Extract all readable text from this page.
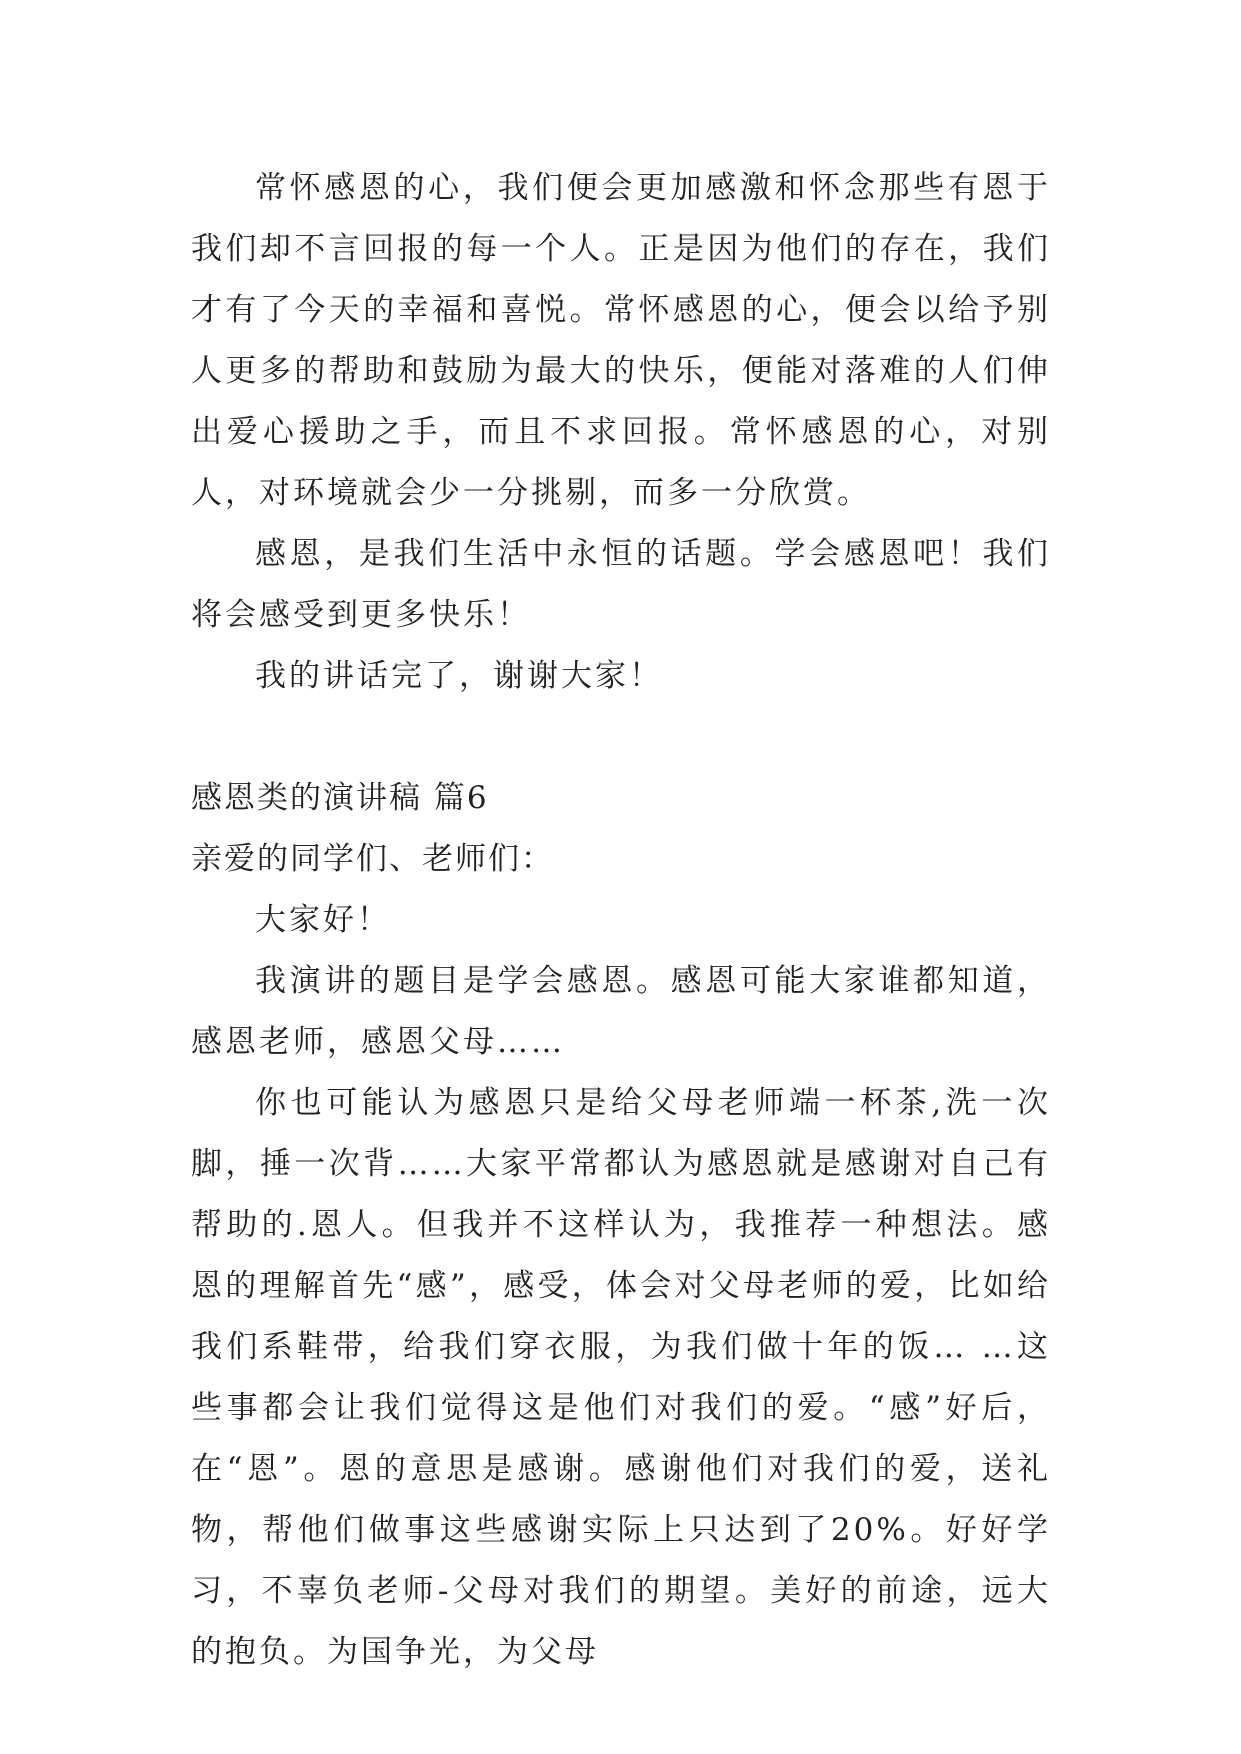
常怀感恩的心，我们便会更加感激和怀念那些有恩于我们却不言回报的每一个人。正是因为他们的存在，我们才有了今天的幸福和喜悦。常怀感恩的心，便会以给予别人更多的帮助和鼓励为最大的快乐，便能对落难的人们伸出爱心援助之手，而且不求回报。常怀感恩的心，对别人，对环境就会少一分挑剔，而多一分欣赏。

感恩，是我们生活中永恒的话题。学会感恩吧！我们将会感受到更多快乐！

我的讲话完了，谢谢大家！

感恩类的演讲稿 篇6

亲爱的同学们、老师们：

大家好！

我演讲的题目是学会感恩。感恩可能大家谁都知道，感恩老师，感恩父母……

你也可能认为感恩只是给父母老师端一杯茶,洗一次脚，捶一次背……大家平常都认为感恩就是感谢对自己有帮助的.恩人。但我并不这样认为，我推荐一种想法。感恩的理解首先“感”，感受，体会对父母老师的爱，比如给我们系鞋带，给我们穿衣服，为我们做十年的饭… …这些事都会让我们觉得这是他们对我们的爱。“感”好后，在“恩”。恩的意思是感谢。感谢他们对我们的爱，送礼物，帮他们做事这些感谢实际上只达到了20%。好好学习，不辜负老师-父母对我们的期望。美好的前途，远大的抱负。为国争光，为父母
